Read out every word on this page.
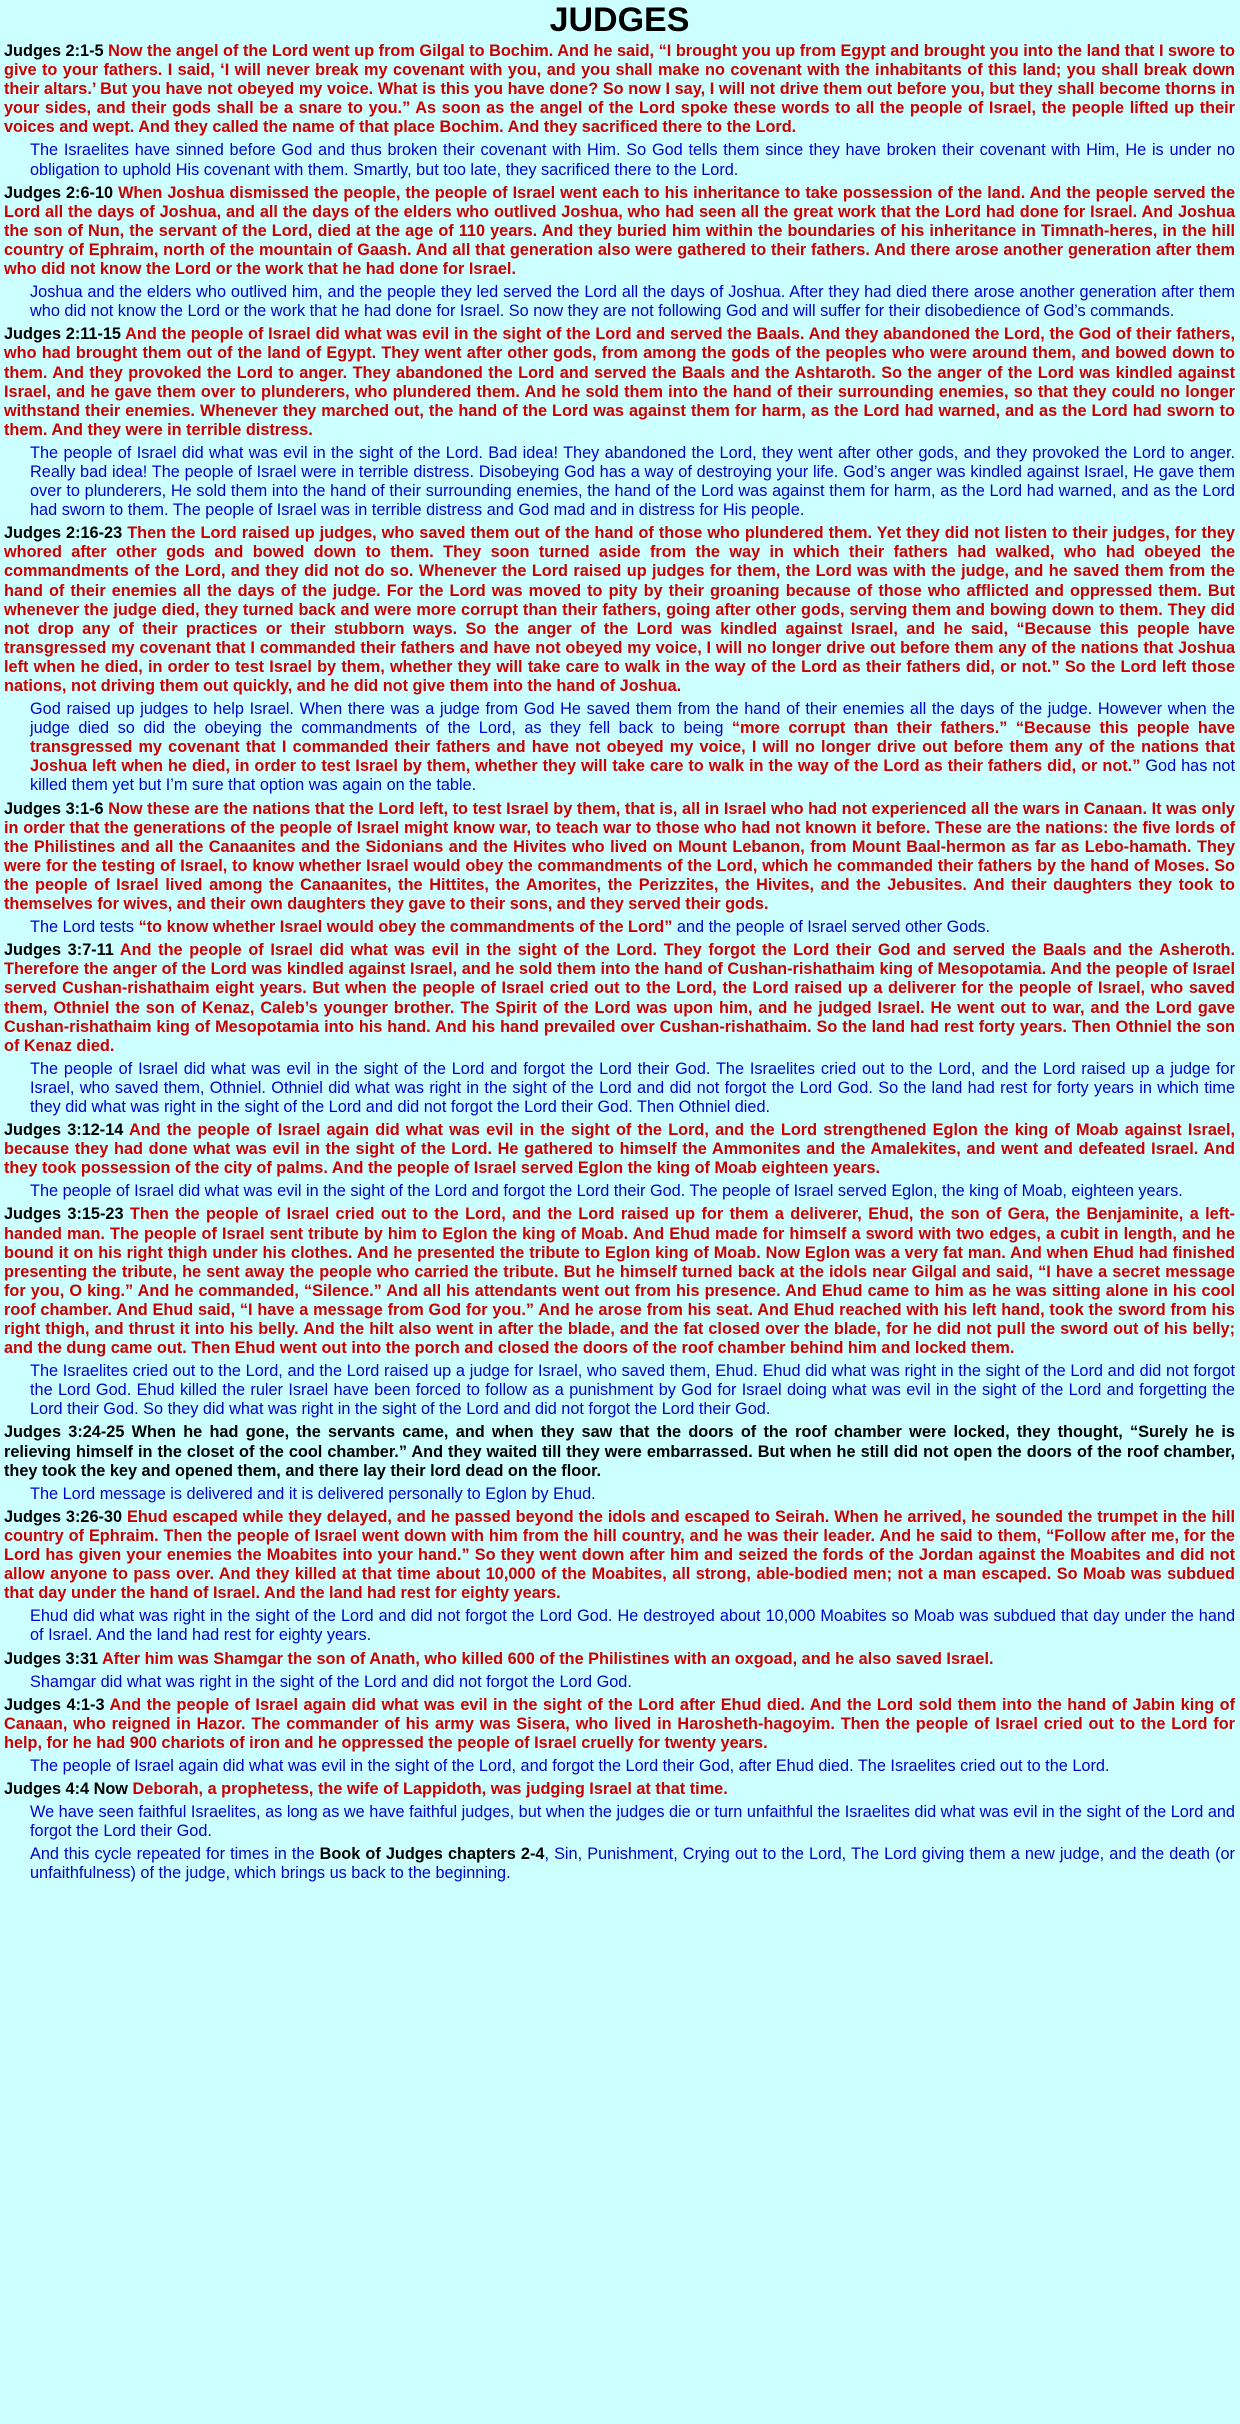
JUDGES

Judges 2:1-5 Now the angel of the Lord went up from Gilgal to Bochim. And he said, “I brought you up from Egypt and brought you into the land that I swore to give to your fathers. I said, ‘I will never break my covenant with you, and you shall make no covenant with the inhabitants of this land; you shall break down their altars.’ But you have not obeyed my voice. What is this you have done? So now I say, I will not drive them out before you, but they shall become thorns in your sides, and their gods shall be a snare to you.” As soon as the angel of the Lord spoke these words to all the people of Israel, the people lifted up their voices and wept. And they called the name of that place Bochim. And they sacrificed there to the Lord.

The Israelites have sinned before God and thus broken their covenant with Him. So God tells them since they have broken their covenant with Him, He is under no obligation to uphold His covenant with them. Smartly, but too late, they sacrificed there to the Lord.

Judges 2:6-10 When Joshua dismissed the people, the people of Israel went each to his inheritance to take possession of the land. And the people served the Lord all the days of Joshua, and all the days of the elders who outlived Joshua, who had seen all the great work that the Lord had done for Israel. And Joshua the son of Nun, the servant of the Lord, died at the age of 110 years. And they buried him within the boundaries of his inheritance in Timnath-heres, in the hill country of Ephraim, north of the mountain of Gaash. And all that generation also were gathered to their fathers. And there arose another generation after them who did not know the Lord or the work that he had done for Israel.

Joshua and the elders who outlived him, and the people they led served the Lord all the days of Joshua. After they had died there arose another generation after them who did not know the Lord or the work that he had done for Israel. So now they are not following God and will suffer for their disobedience of God’s commands.

Judges 2:11-15 And the people of Israel did what was evil in the sight of the Lord and served the Baals. And they abandoned the Lord, the God of their fathers, who had brought them out of the land of Egypt. They went after other gods, from among the gods of the peoples who were around them, and bowed down to them. And they provoked the Lord to anger. They abandoned the Lord and served the Baals and the Ashtaroth. So the anger of the Lord was kindled against Israel, and he gave them over to plunderers, who plundered them. And he sold them into the hand of their surrounding enemies, so that they could no longer withstand their enemies. Whenever they marched out, the hand of the Lord was against them for harm, as the Lord had warned, and as the Lord had sworn to them. And they were in terrible distress.

The people of Israel did what was evil in the sight of the Lord. Bad idea! They abandoned the Lord, they went after other gods, and they provoked the Lord to anger. Really bad idea! The people of Israel were in terrible distress. Disobeying God has a way of destroying your life. God’s anger was kindled against Israel, He gave them over to plunderers, He sold them into the hand of their surrounding enemies, the hand of the Lord was against them for harm, as the Lord had warned, and as the Lord had sworn to them. The people of Israel was in terrible distress and God mad and in distress for His people.

Judges 2:16-23 Then the Lord raised up judges, who saved them out of the hand of those who plundered them. Yet they did not listen to their judges, for they whored after other gods and bowed down to them. They soon turned aside from the way in which their fathers had walked, who had obeyed the commandments of the Lord, and they did not do so. Whenever the Lord raised up judges for them, the Lord was with the judge, and he saved them from the hand of their enemies all the days of the judge. For the Lord was moved to pity by their groaning because of those who afflicted and oppressed them. But whenever the judge died, they turned back and were more corrupt than their fathers, going after other gods, serving them and bowing down to them. They did not drop any of their practices or their stubborn ways. So the anger of the Lord was kindled against Israel, and he said, “Because this people have transgressed my covenant that I commanded their fathers and have not obeyed my voice, I will no longer drive out before them any of the nations that Joshua left when he died, in order to test Israel by them, whether they will take care to walk in the way of the Lord as their fathers did, or not.” So the Lord left those nations, not driving them out quickly, and he did not give them into the hand of Joshua.

God raised up judges to help Israel. When there was a judge from God He saved them from the hand of their enemies all the days of the judge. However when the judge died so did the obeying the commandments of the Lord, as they fell back to being “more corrupt than their fathers.” “Because this people have transgressed my covenant that I commanded their fathers and have not obeyed my voice, I will no longer drive out before them any of the nations that Joshua left when he died, in order to test Israel by them, whether they will take care to walk in the way of the Lord as their fathers did, or not.” God has not killed them yet but I’m sure that option was again on the table.

Judges 3:1-6 Now these are the nations that the Lord left, to test Israel by them, that is, all in Israel who had not experienced all the wars in Canaan. It was only in order that the generations of the people of Israel might know war, to teach war to those who had not known it before. These are the nations: the five lords of the Philistines and all the Canaanites and the Sidonians and the Hivites who lived on Mount Lebanon, from Mount Baal-hermon as far as Lebo-hamath. They were for the testing of Israel, to know whether Israel would obey the commandments of the Lord, which he commanded their fathers by the hand of Moses. So the people of Israel lived among the Canaanites, the Hittites, the Amorites, the Perizzites, the Hivites, and the Jebusites. And their daughters they took to themselves for wives, and their own daughters they gave to their sons, and they served their gods.

The Lord tests “to know whether Israel would obey the commandments of the Lord” and the people of Israel served other Gods.

Judges 3:7-11 And the people of Israel did what was evil in the sight of the Lord. They forgot the Lord their God and served the Baals and the Asheroth. Therefore the anger of the Lord was kindled against Israel, and he sold them into the hand of Cushan-rishathaim king of Mesopotamia. And the people of Israel served Cushan-rishathaim eight years. But when the people of Israel cried out to the Lord, the Lord raised up a deliverer for the people of Israel, who saved them, Othniel the son of Kenaz, Caleb’s younger brother. The Spirit of the Lord was upon him, and he judged Israel. He went out to war, and the Lord gave Cushan-rishathaim king of Mesopotamia into his hand. And his hand prevailed over Cushan-rishathaim. So the land had rest forty years. Then Othniel the son of Kenaz died.

The people of Israel did what was evil in the sight of the Lord and forgot the Lord their God. The Israelites cried out to the Lord, and the Lord raised up a judge for Israel, who saved them, Othniel. Othniel did what was right in the sight of the Lord and did not forgot the Lord God. So the land had rest for forty years in which time they did what was right in the sight of the Lord and did not forgot the Lord their God. Then Othniel died.

Judges 3:12-14 And the people of Israel again did what was evil in the sight of the Lord, and the Lord strengthened Eglon the king of Moab against Israel, because they had done what was evil in the sight of the Lord. He gathered to himself the Ammonites and the Amalekites, and went and defeated Israel. And they took possession of the city of palms. And the people of Israel served Eglon the king of Moab eighteen years.

The people of Israel did what was evil in the sight of the Lord and forgot the Lord their God. The people of Israel served Eglon, the king of Moab, eighteen years.

Judges 3:15-23 Then the people of Israel cried out to the Lord, and the Lord raised up for them a deliverer, Ehud, the son of Gera, the Benjaminite, a left-handed man. The people of Israel sent tribute by him to Eglon the king of Moab. And Ehud made for himself a sword with two edges, a cubit in length, and he bound it on his right thigh under his clothes. And he presented the tribute to Eglon king of Moab. Now Eglon was a very fat man. And when Ehud had finished presenting the tribute, he sent away the people who carried the tribute. But he himself turned back at the idols near Gilgal and said, “I have a secret message for you, O king.” And he commanded, “Silence.” And all his attendants went out from his presence. And Ehud came to him as he was sitting alone in his cool roof chamber. And Ehud said, “I have a message from God for you.” And he arose from his seat. And Ehud reached with his left hand, took the sword from his right thigh, and thrust it into his belly. And the hilt also went in after the blade, and the fat closed over the blade, for he did not pull the sword out of his belly; and the dung came out. Then Ehud went out into the porch and closed the doors of the roof chamber behind him and locked them.

The Israelites cried out to the Lord, and the Lord raised up a judge for Israel, who saved them, Ehud. Ehud did what was right in the sight of the Lord and did not forgot the Lord God. Ehud killed the ruler Israel have been forced to follow as a punishment by God for Israel doing what was evil in the sight of the Lord and forgetting the Lord their God. So they did what was right in the sight of the Lord and did not forgot the Lord their God.

Judges 3:24-25 When he had gone, the servants came, and when they saw that the doors of the roof chamber were locked, they thought, “Surely he is relieving himself in the closet of the cool chamber.” And they waited till they were embarrassed. But when he still did not open the doors of the roof chamber, they took the key and opened them, and there lay their lord dead on the floor.

The Lord message is delivered and it is delivered personally to Eglon by Ehud.

Judges 3:26-30 Ehud escaped while they delayed, and he passed beyond the idols and escaped to Seirah. When he arrived, he sounded the trumpet in the hill country of Ephraim. Then the people of Israel went down with him from the hill country, and he was their leader. And he said to them, “Follow after me, for the Lord has given your enemies the Moabites into your hand.” So they went down after him and seized the fords of the Jordan against the Moabites and did not allow anyone to pass over. And they killed at that time about 10,000 of the Moabites, all strong, able-bodied men; not a man escaped. So Moab was subdued that day under the hand of Israel. And the land had rest for eighty years.

Ehud did what was right in the sight of the Lord and did not forgot the Lord God. He destroyed about 10,000 Moabites so Moab was subdued that day under the hand of Israel. And the land had rest for eighty years.

Judges 3:31 After him was Shamgar the son of Anath, who killed 600 of the Philistines with an oxgoad, and he also saved Israel.

Shamgar did what was right in the sight of the Lord and did not forgot the Lord God.

Judges 4:1-3 And the people of Israel again did what was evil in the sight of the Lord after Ehud died. And the Lord sold them into the hand of Jabin king of Canaan, who reigned in Hazor. The commander of his army was Sisera, who lived in Harosheth-hagoyim. Then the people of Israel cried out to the Lord for help, for he had 900 chariots of iron and he oppressed the people of Israel cruelly for twenty years.

The people of Israel again did what was evil in the sight of the Lord, and forgot the Lord their God, after Ehud died. The Israelites cried out to the Lord.

Judges 4:4 Now Deborah, a prophetess, the wife of Lappidoth, was judging Israel at that time.

We have seen faithful Israelites, as long as we have faithful judges, but when the judges die or turn unfaithful the Israelites did what was evil in the sight of the Lord and forgot the Lord their God.

And this cycle repeated for times in the Book of Judges chapters 2-4, Sin, Punishment, Crying out to the Lord, The Lord giving them a new judge, and the death (or unfaithfulness) of the judge, which brings us back to the beginning.
